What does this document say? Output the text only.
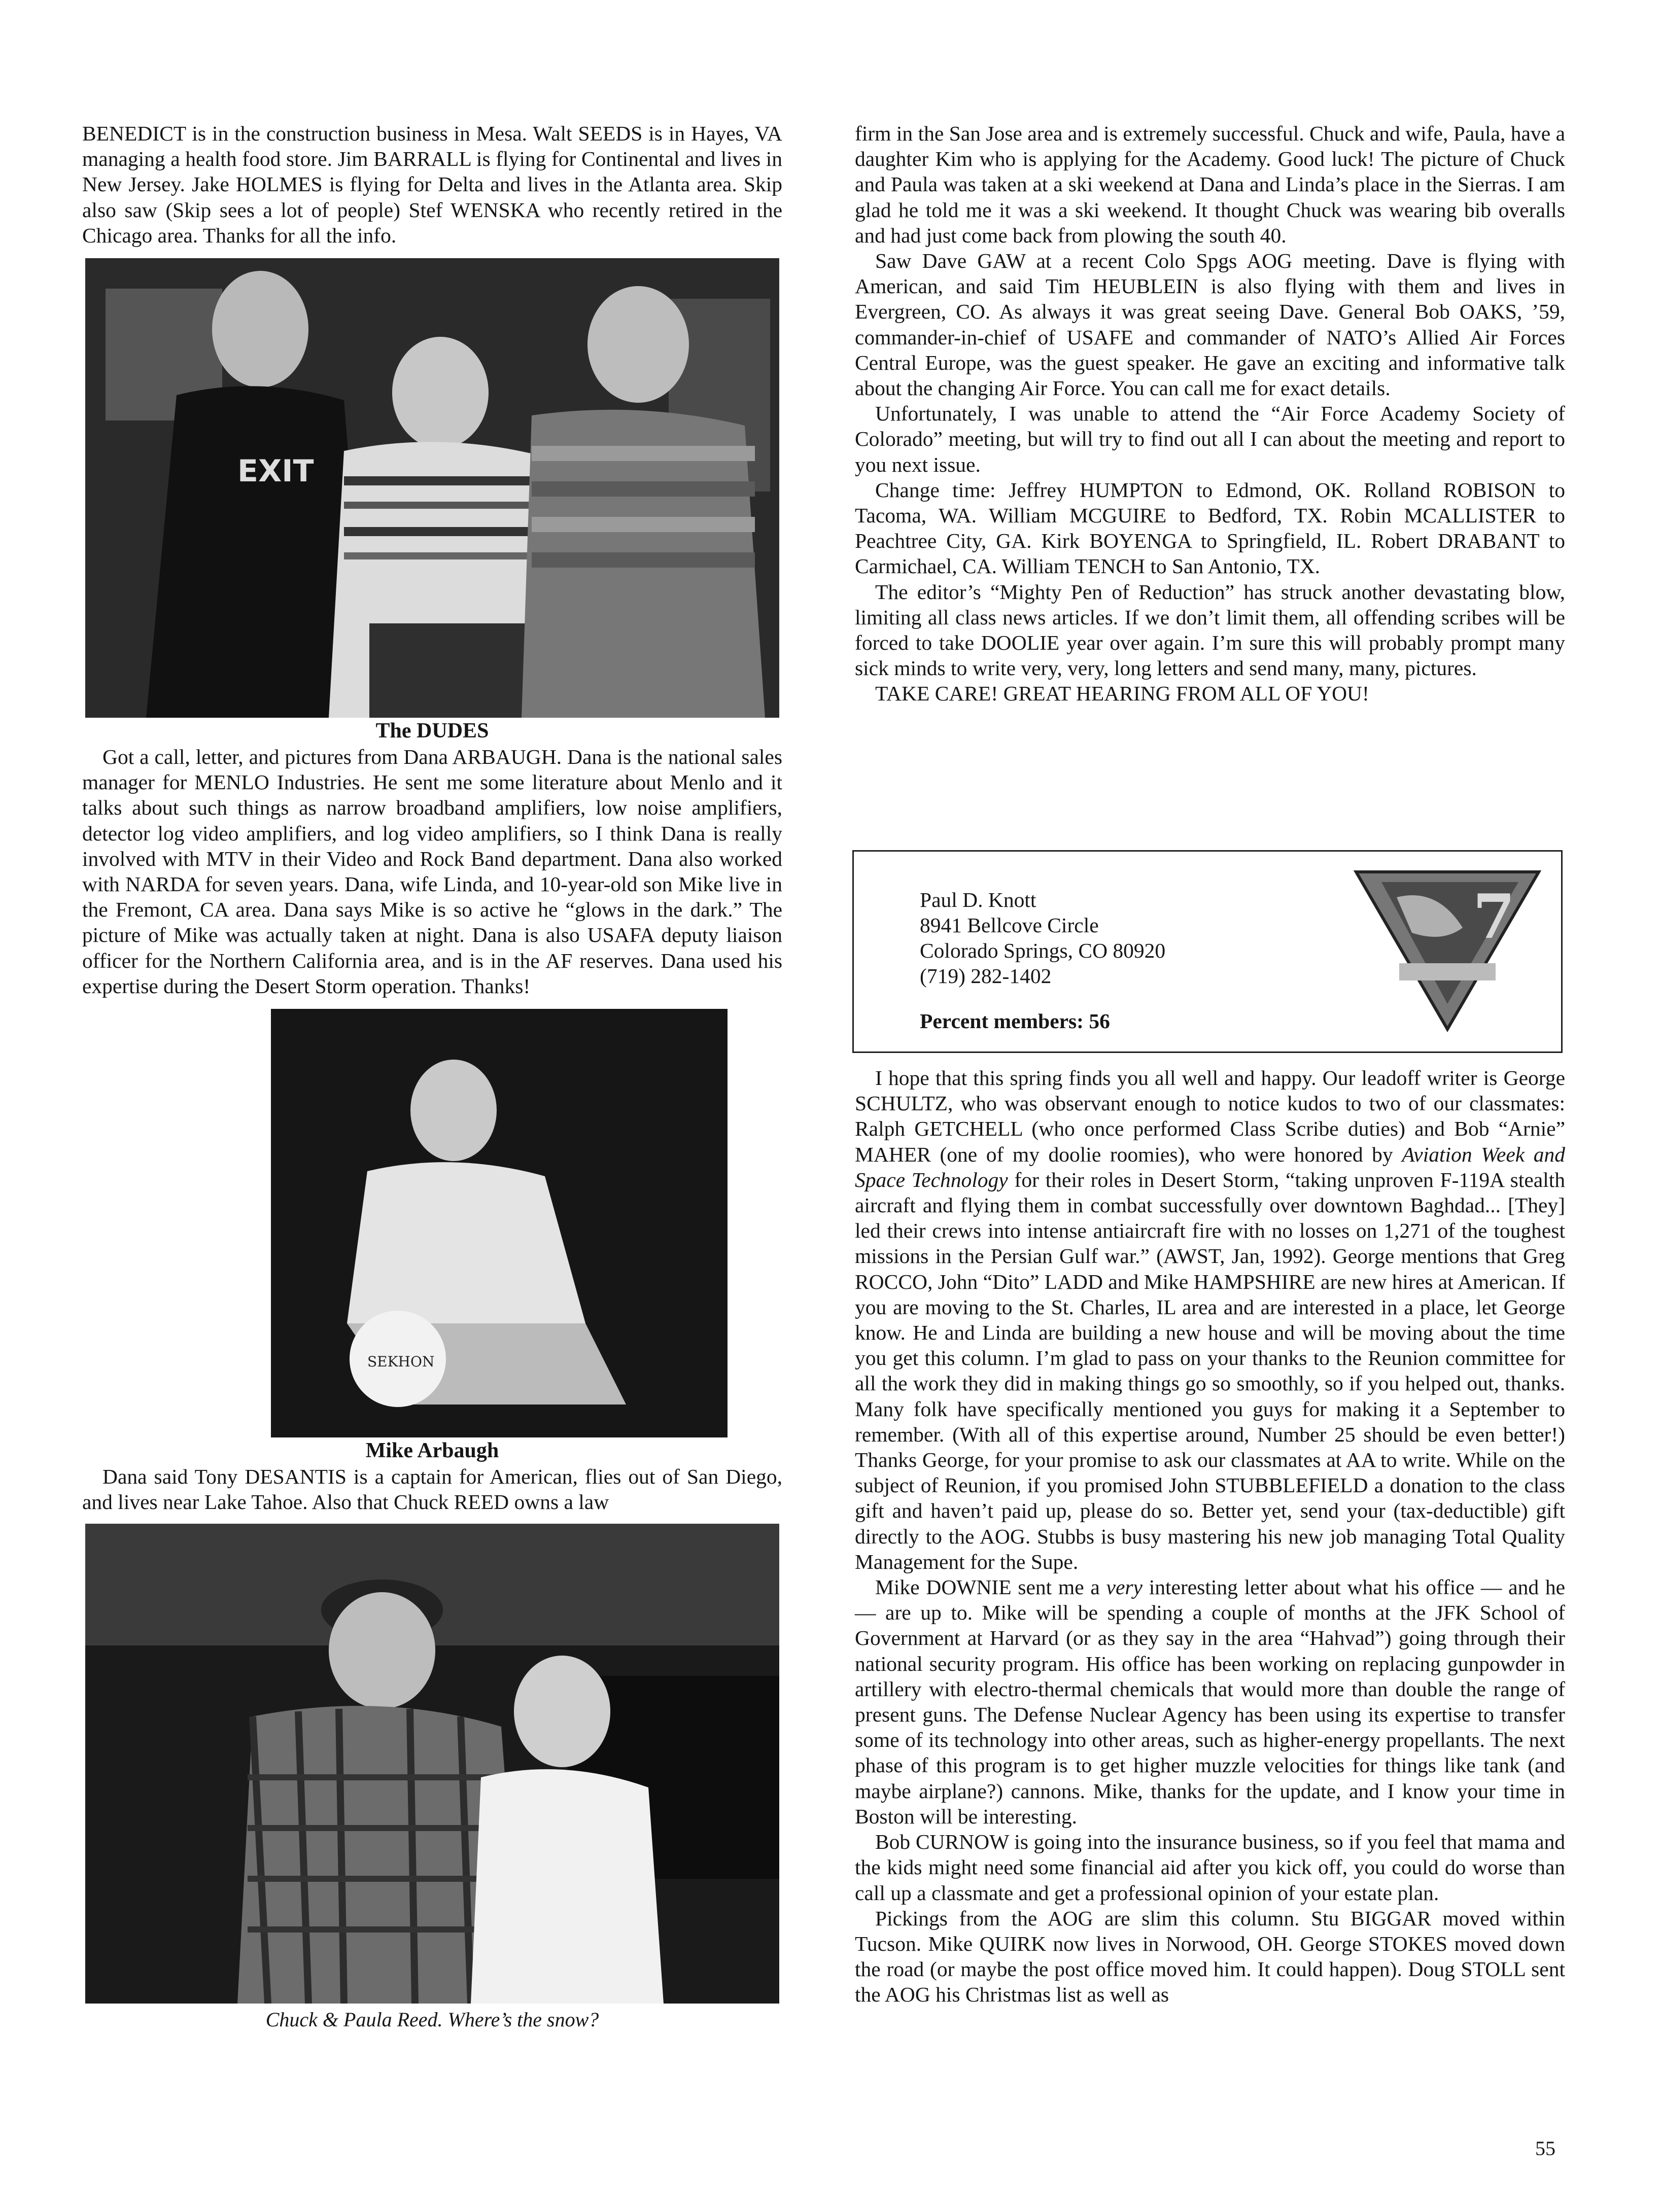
BENEDICT is in the construction business in Mesa. Walt SEEDS is in Hayes, VA managing a health food store. Jim BARRALL is flying for Continental and lives in New Jersey. Jake HOLMES is flying for Delta and lives in the Atlanta area. Skip also saw (Skip sees a lot of people) Stef WENSKA who recently retired in the Chicago area. Thanks for all the info.

EXIT

The DUDES

Got a call, letter, and pictures from Dana ARBAUGH. Dana is the national sales manager for MENLO Industries. He sent me some literature about Menlo and it talks about such things as narrow broadband amplifiers, low noise amplifiers, detector log video amplifiers, and log video amplifiers, so I think Dana is really involved with MTV in their Video and Rock Band department. Dana also worked with NARDA for seven years. Dana, wife Linda, and 10-year-old son Mike live in the Fremont, CA area. Dana says Mike is so active he “glows in the dark.” The picture of Mike was actually taken at night. Dana is also USAFA deputy liaison officer for the Northern California area, and is in the AF reserves. Dana used his expertise during the Desert Storm operation. Thanks!

SEKHON

Mike Arbaugh

Dana said Tony DESANTIS is a captain for American, flies out of San Diego, and lives near Lake Tahoe. Also that Chuck REED owns a law

Chuck & Paula Reed. Where’s the snow?

firm in the San Jose area and is extremely successful. Chuck and wife, Paula, have a daughter Kim who is applying for the Academy. Good luck! The picture of Chuck and Paula was taken at a ski weekend at Dana and Linda’s place in the Sierras. I am glad he told me it was a ski weekend. It thought Chuck was wearing bib overalls and had just come back from plowing the south 40.

Saw Dave GAW at a recent Colo Spgs AOG meeting. Dave is flying with American, and said Tim HEUBLEIN is also flying with them and lives in Evergreen, CO. As always it was great seeing Dave. General Bob OAKS, ’59, commander-in-chief of USAFE and commander of NATO’s Allied Air Forces Central Europe, was the guest speaker. He gave an exciting and informative talk about the changing Air Force. You can call me for exact details.

Unfortunately, I was unable to attend the “Air Force Academy Society of Colorado” meeting, but will try to find out all I can about the meeting and report to you next issue.

Change time: Jeffrey HUMPTON to Edmond, OK. Rolland ROBISON to Tacoma, WA. William MCGUIRE to Bedford, TX. Robin MCALLISTER to Peachtree City, GA. Kirk BOYENGA to Springfield, IL. Robert DRABANT to Carmichael, CA. William TENCH to San Antonio, TX.

The editor’s “Mighty Pen of Reduction” has struck another devastating blow, limiting all class news articles. If we don’t limit them, all offending scribes will be forced to take DOOLIE year over again. I’m sure this will probably prompt many sick minds to write very, very, long letters and send many, many, pictures.

TAKE CARE! GREAT HEARING FROM ALL OF YOU!

Paul D. Knott
8941 Bellcove Circle
Colorado Springs, CO 80920
(719) 282-1402
Percent members: 56
7

I hope that this spring finds you all well and happy. Our leadoff writer is George SCHULTZ, who was observant enough to notice kudos to two of our classmates: Ralph GETCHELL (who once performed Class Scribe duties) and Bob “Arnie” MAHER (one of my doolie roomies), who were honored by Aviation Week and Space Technology for their roles in Desert Storm, “taking unproven F-119A stealth aircraft and flying them in combat successfully over downtown Baghdad... [They] led their crews into intense antiaircraft fire with no losses on 1,271 of the toughest missions in the Persian Gulf war.” (AWST, Jan, 1992). George mentions that Greg ROCCO, John “Dito” LADD and Mike HAMPSHIRE are new hires at American. If you are moving to the St. Charles, IL area and are interested in a place, let George know. He and Linda are building a new house and will be moving about the time you get this column. I’m glad to pass on your thanks to the Reunion committee for all the work they did in making things go so smoothly, so if you helped out, thanks. Many folk have specifically mentioned you guys for making it a September to remember. (With all of this expertise around, Number 25 should be even better!) Thanks George, for your promise to ask our classmates at AA to write. While on the subject of Reunion, if you promised John STUBBLEFIELD a donation to the class gift and haven’t paid up, please do so. Better yet, send your (tax-deductible) gift directly to the AOG. Stubbs is busy mastering his new job managing Total Quality Management for the Supe.

Mike DOWNIE sent me a very interesting letter about what his office — and he — are up to. Mike will be spending a couple of months at the JFK School of Government at Harvard (or as they say in the area “Hahvad”) going through their national security program. His office has been working on replacing gunpowder in artillery with electro-thermal chemicals that would more than double the range of present guns. The Defense Nuclear Agency has been using its expertise to transfer some of its technology into other areas, such as higher-energy propellants. The next phase of this program is to get higher muzzle velocities for things like tank (and maybe airplane?) cannons. Mike, thanks for the update, and I know your time in Boston will be interesting.

Bob CURNOW is going into the insurance business, so if you feel that mama and the kids might need some financial aid after you kick off, you could do worse than call up a classmate and get a professional opinion of your estate plan.

Pickings from the AOG are slim this column. Stu BIGGAR moved within Tucson. Mike QUIRK now lives in Norwood, OH. George STOKES moved down the road (or maybe the post office moved him. It could happen). Doug STOLL sent the AOG his Christmas list as well as

55
